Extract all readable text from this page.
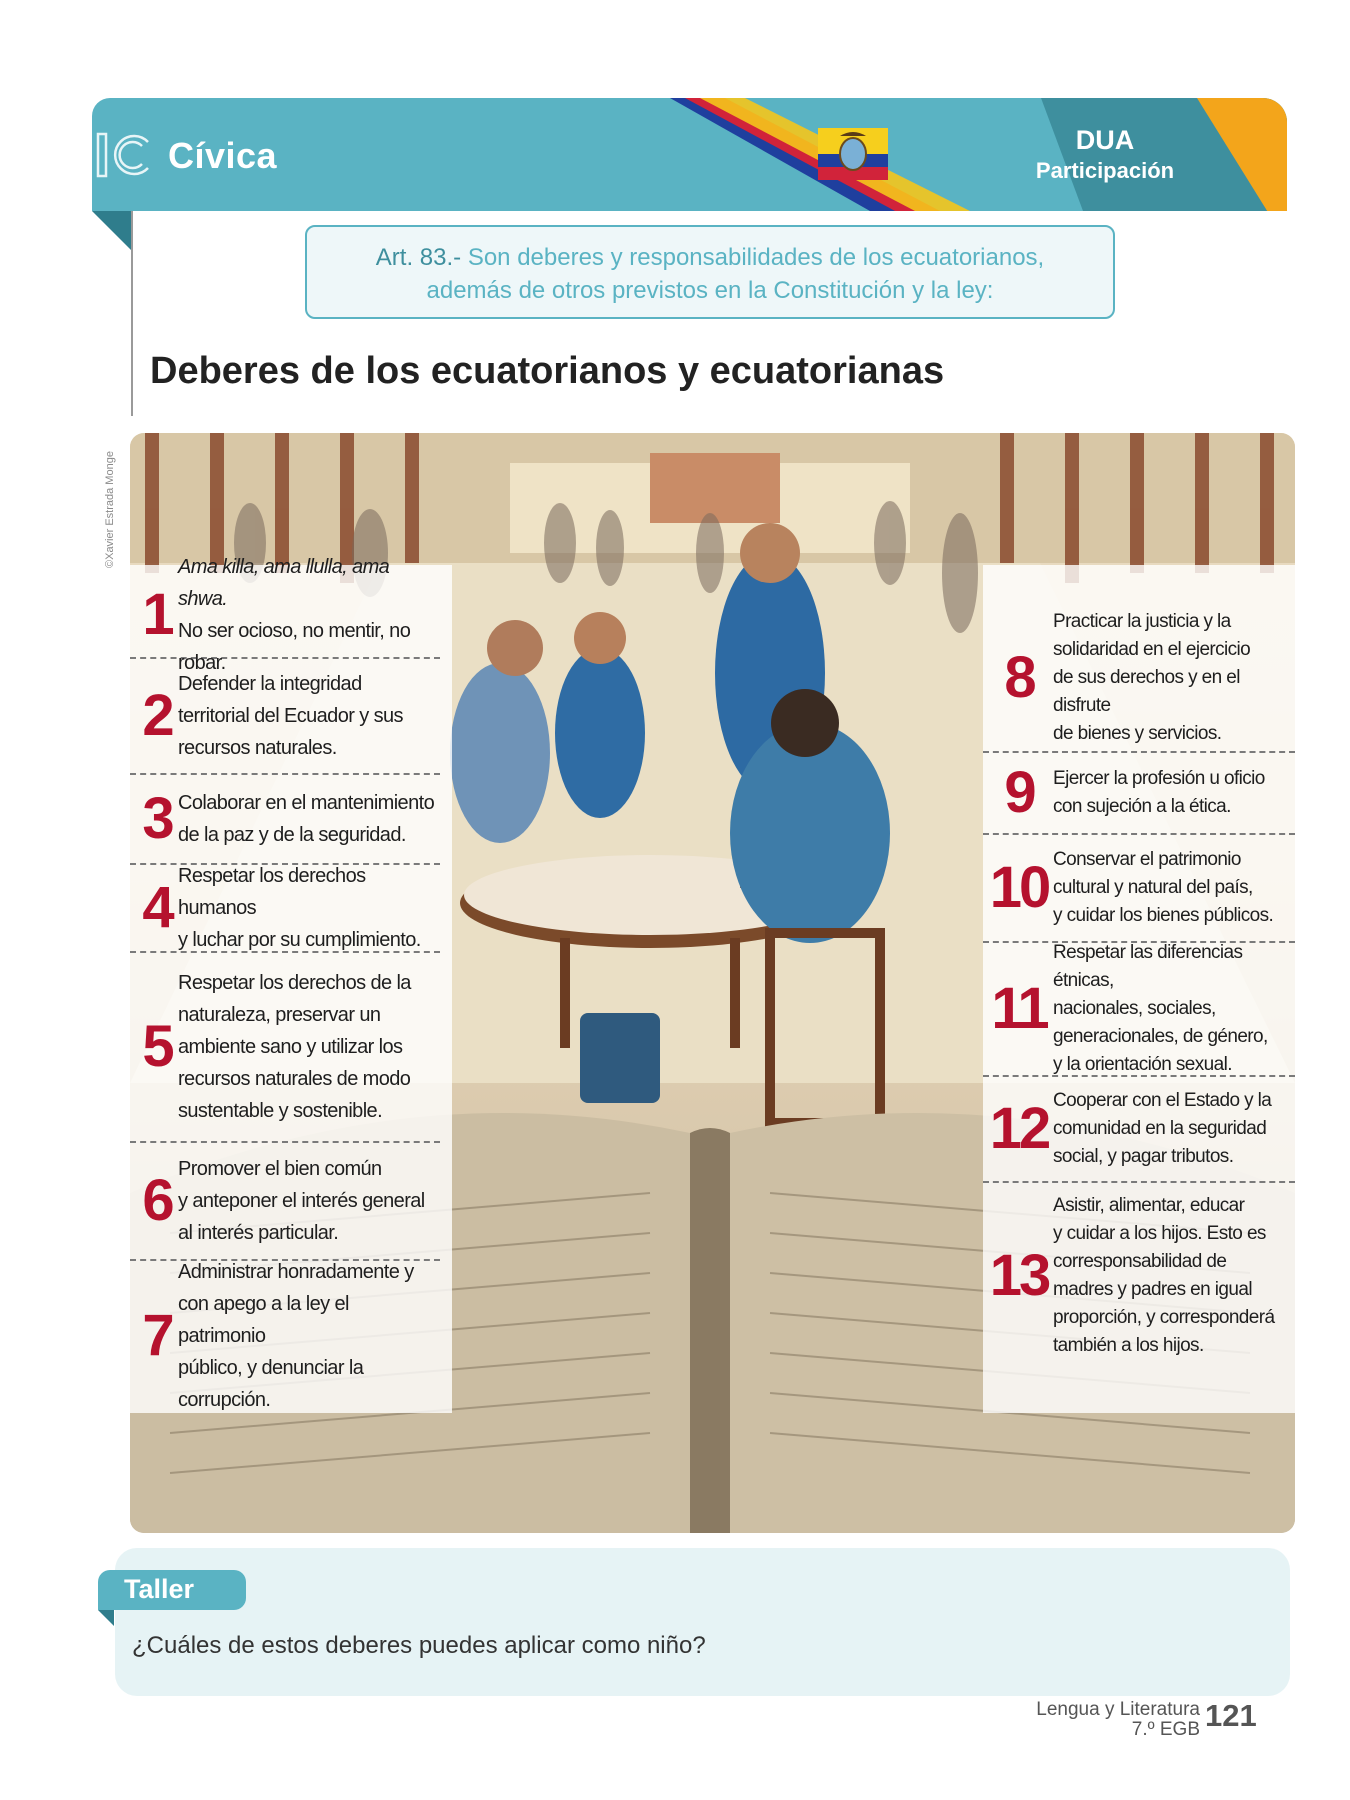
Cívica	DUA
Participación
Art. 83.- Son deberes y responsabilidades de los ecuatorianos,
además de otros previstos en la Constitución y la ley:
Deberes de los ecuatorianos y ecuatorianas
©Xavier Estrada Monge
1
Ama killa, ama llulla, ama shwa.
No ser ocioso, no mentir, no robar.
2 Defender la integridad
territorial del Ecuador y sus
recursos naturales.
3 Colaborar en el mantenimiento
de la paz y de la seguridad.
4 Respetar los derechos humanos
y luchar por su cumplimiento.
5
Respetar los derechos de la
naturaleza, preservar un
ambiente sano y utilizar los
recursos naturales de modo
sustentable y sostenible.
6 Promover el bien común
y anteponer el interés general
al interés particular.
7
Administrar honradamente y
con apego a la ley el patrimonio
público, y denunciar la
corrupción.
8
Practicar la justicia y la
solidaridad en el ejercicio
de sus derechos y en el disfrute
de bienes y servicios.
9	Ejercer la profesión u oficio
con sujeción a la ética.
10 Conservar el patrimonio
cultural y natural del país,
y cuidar los bienes públicos.
11
Respetar las diferencias étnicas,
nacionales, sociales,
generacionales, de género,
y la orientación sexual.
12 Cooperar con el Estado y la
comunidad en la seguridad
social, y pagar tributos.
13
Asistir, alimentar, educar
y cuidar a los hijos. Esto es
corresponsabilidad de
madres y padres en igual
proporción, y corresponderá
también a los hijos.
Taller
¿Cuáles de estos deberes puedes aplicar como niño?
Lengua y Literatura
7.º EGB 121
